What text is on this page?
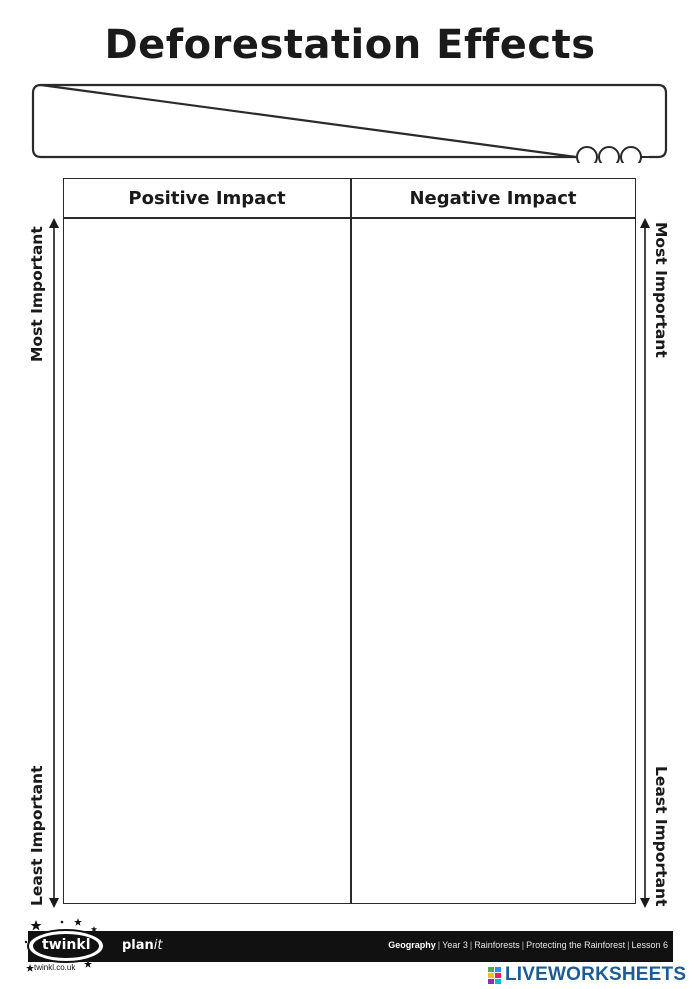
Deforestation Effects
Positive Impact	Negative Impact
Most Important
Least Important
Most Important
Least Important
twinkl planit	Geography | Year 3 | Rainforests | Protecting the Rainforest | Lesson 6
twinkl.co.uk	LIVEWORKSHEETS
